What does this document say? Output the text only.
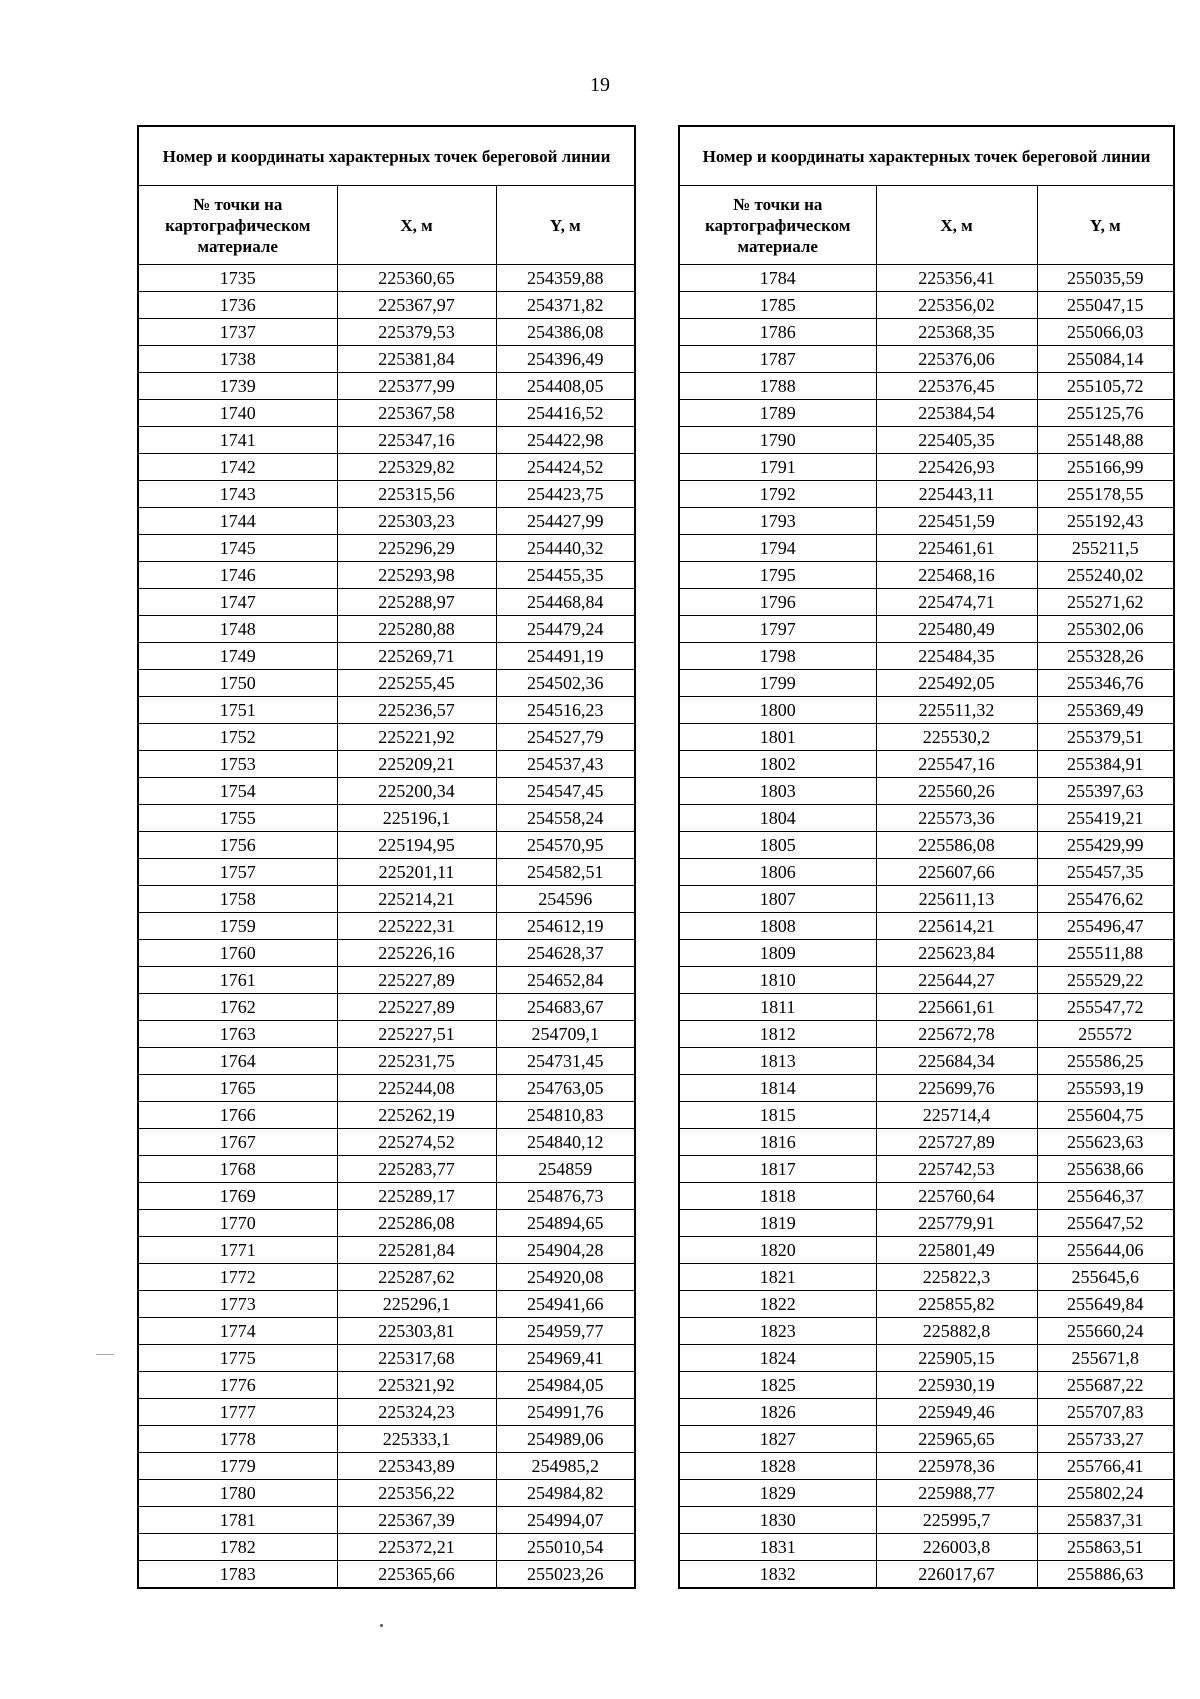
19
Номер и координаты характерных точек береговой линии		
№ точки на картографическом материале	X, м	Y, м
1735	225360,65	254359,88
1736	225367,97	254371,82
1737	225379,53	254386,08
1738	225381,84	254396,49
1739	225377,99	254408,05
1740	225367,58	254416,52
1741	225347,16	254422,98
1742	225329,82	254424,52
1743	225315,56	254423,75
1744	225303,23	254427,99
1745	225296,29	254440,32
1746	225293,98	254455,35
1747	225288,97	254468,84
1748	225280,88	254479,24
1749	225269,71	254491,19
1750	225255,45	254502,36
1751	225236,57	254516,23
1752	225221,92	254527,79
1753	225209,21	254537,43
1754	225200,34	254547,45
1755	225196,1	254558,24
1756	225194,95	254570,95
1757	225201,11	254582,51
1758	225214,21	254596
1759	225222,31	254612,19
1760	225226,16	254628,37
1761	225227,89	254652,84
1762	225227,89	254683,67
1763	225227,51	254709,1
1764	225231,75	254731,45
1765	225244,08	254763,05
1766	225262,19	254810,83
1767	225274,52	254840,12
1768	225283,77	254859
1769	225289,17	254876,73
1770	225286,08	254894,65
1771	225281,84	254904,28
1772	225287,62	254920,08
1773	225296,1	254941,66
1774	225303,81	254959,77
1775	225317,68	254969,41
1776	225321,92	254984,05
1777	225324,23	254991,76
1778	225333,1	254989,06
1779	225343,89	254985,2
1780	225356,22	254984,82
1781	225367,39	254994,07
1782	225372,21	255010,54
1783	225365,66	255023,26
Номер и координаты характерных точек береговой линии		
№ точки на картографическом материале	X, м	Y, м
1784	225356,41	255035,59
1785	225356,02	255047,15
1786	225368,35	255066,03
1787	225376,06	255084,14
1788	225376,45	255105,72
1789	225384,54	255125,76
1790	225405,35	255148,88
1791	225426,93	255166,99
1792	225443,11	255178,55
1793	225451,59	255192,43
1794	225461,61	255211,5
1795	225468,16	255240,02
1796	225474,71	255271,62
1797	225480,49	255302,06
1798	225484,35	255328,26
1799	225492,05	255346,76
1800	225511,32	255369,49
1801	225530,2	255379,51
1802	225547,16	255384,91
1803	225560,26	255397,63
1804	225573,36	255419,21
1805	225586,08	255429,99
1806	225607,66	255457,35
1807	225611,13	255476,62
1808	225614,21	255496,47
1809	225623,84	255511,88
1810	225644,27	255529,22
1811	225661,61	255547,72
1812	225672,78	255572
1813	225684,34	255586,25
1814	225699,76	255593,19
1815	225714,4	255604,75
1816	225727,89	255623,63
1817	225742,53	255638,66
1818	225760,64	255646,37
1819	225779,91	255647,52
1820	225801,49	255644,06
1821	225822,3	255645,6
1822	225855,82	255649,84
1823	225882,8	255660,24
1824	225905,15	255671,8
1825	225930,19	255687,22
1826	225949,46	255707,83
1827	225965,65	255733,27
1828	225978,36	255766,41
1829	225988,77	255802,24
1830	225995,7	255837,31
1831	226003,8	255863,51
1832	226017,67	255886,63
